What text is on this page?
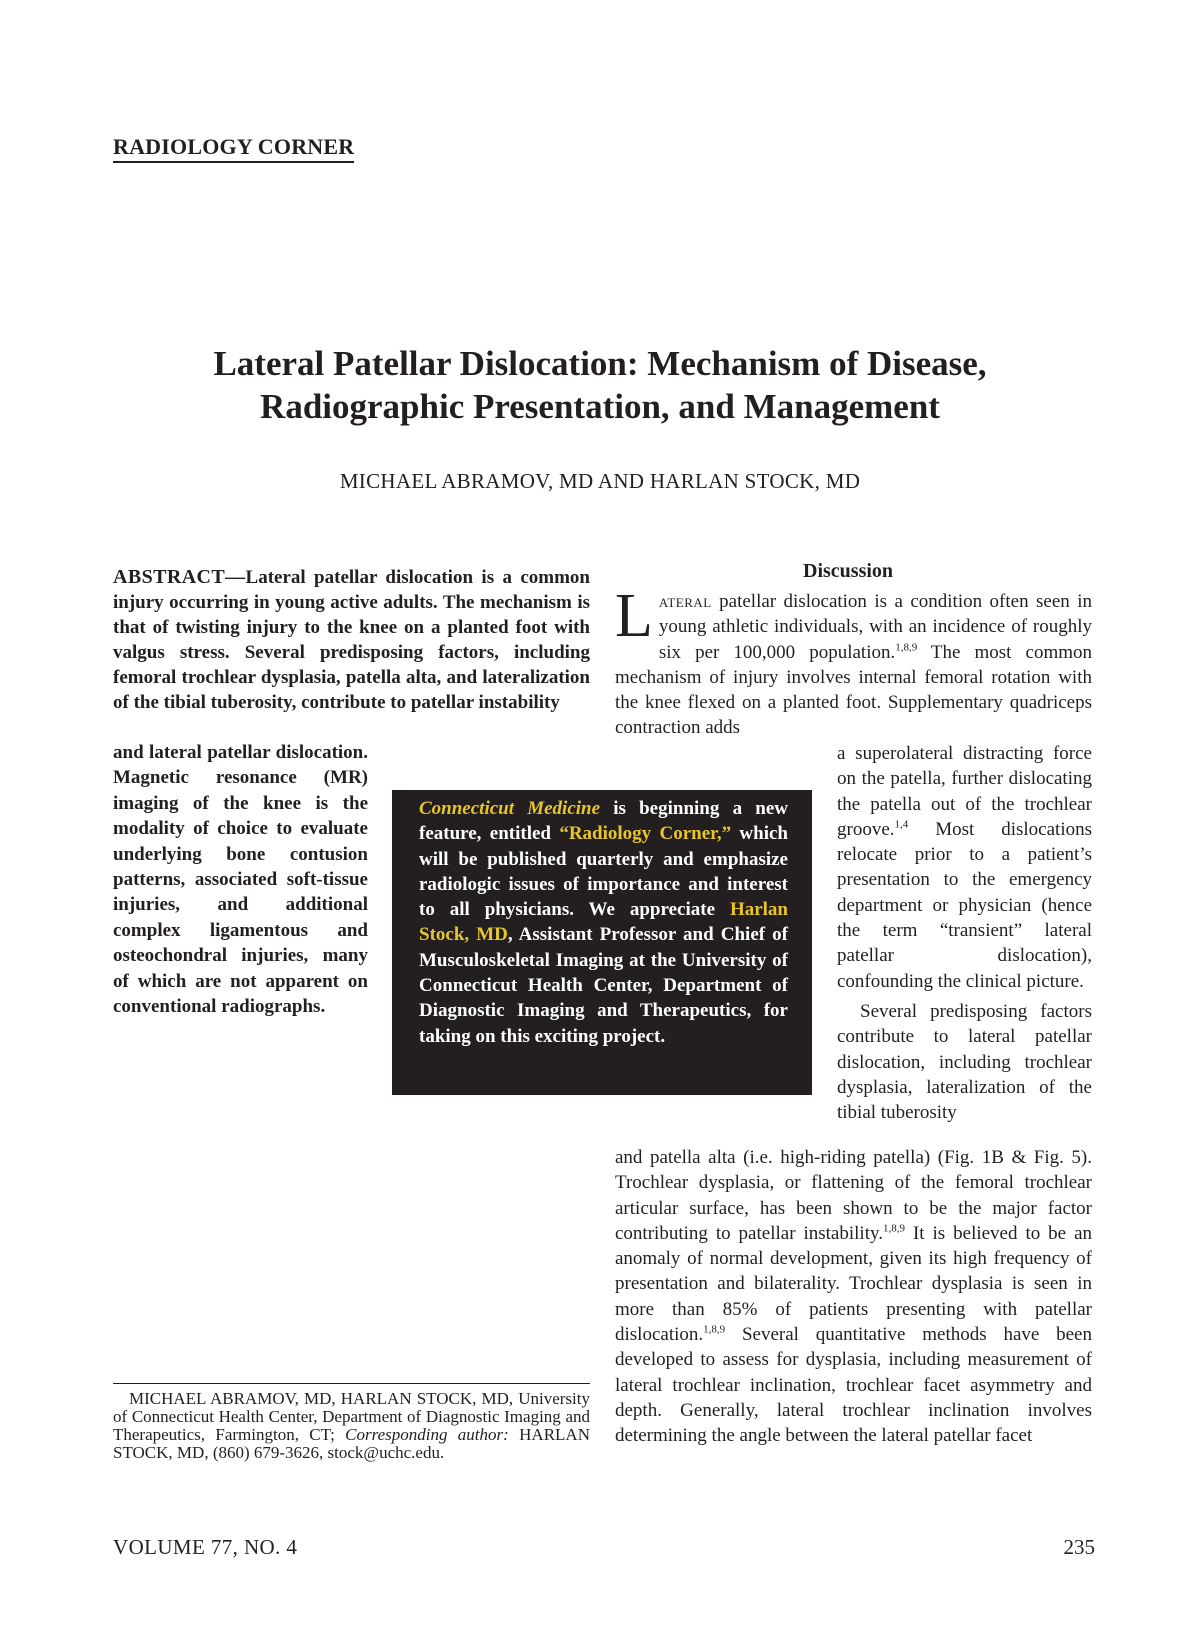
RADIOLOGY CORNER
Lateral Patellar Dislocation: Mechanism of Disease,
Radiographic Presentation, and Management
MICHAEL ABRAMOV, MD AND HARLAN STOCK, MD

ABSTRACT—Lateral patellar dislocation is a common injury occurring in young active adults. The mechanism is that of twisting injury to the knee on a planted foot with valgus stress. Several predisposing factors, including femoral trochlear dysplasia, patella alta, and lateralization of the tibial tuberosity, contribute to patellar instability

and lateral patellar dislocation. Magnetic resonance (MR) imaging of the knee is the modality of choice to evaluate underlying bone contusion patterns, associated soft-tissue injuries, and additional complex ligamentous and osteochondral injuries, many of which are not apparent on conventional radiographs.
Connecticut Medicine is beginning a new feature, entitled “Radiology Corner,” which will be published quarterly and emphasize radiologic issues of importance and interest to all physicians. We appreciate Harlan Stock, MD, Assistant Professor and Chief of Musculoskeletal Imaging at the University of Connecticut Health Center, Department of Diagnostic Imaging and Therapeutics, for taking on this exciting project.
Discussion

Lateral patellar dislocation is a condition often seen in young athletic individuals, with an incidence of roughly six per 100,000 population.$^{1,8,9}$ The most common mechanism of injury involves internal femoral rotation with the knee flexed on a planted foot. Supplementary quadriceps contraction adds

a superolateral distracting force on the patella, further dislocating the patella out of the trochlear groove.$^{1,4}$ Most dislocations relocate prior to a patient’s presentation to the emergency department or physician (hence the term “transient” lateral patellar dislocation), confounding the clinical picture.

Several predisposing factors contribute to lateral patellar dislocation, including trochlear dysplasia, lateralization of the tibial tuberosity

and patella alta (i.e. high-riding patella) (Fig. 1B & Fig. 5). Trochlear dysplasia, or flattening of the femoral trochlear articular surface, has been shown to be the major factor contributing to patellar instability.$^{1,8,9}$ It is believed to be an anomaly of normal development, given its high frequency of presentation and bilaterality. Trochlear dysplasia is seen in more than 85% of patients presenting with patellar dislocation.$^{1,8,9}$ Several quantitative methods have been developed to assess for dysplasia, including measurement of lateral trochlear inclination, trochlear facet asymmetry and depth. Generally, lateral trochlear inclination involves determining the angle between the lateral patellar facet

MICHAEL ABRAMOV, MD, HARLAN STOCK, MD, University of Connecticut Health Center, Department of Diagnostic Imaging and Therapeutics, Farmington, CT; Corresponding author: HARLAN STOCK, MD, (860) 679-3626, stock@uchc.edu.
VOLUME 77, NO. 4	235
